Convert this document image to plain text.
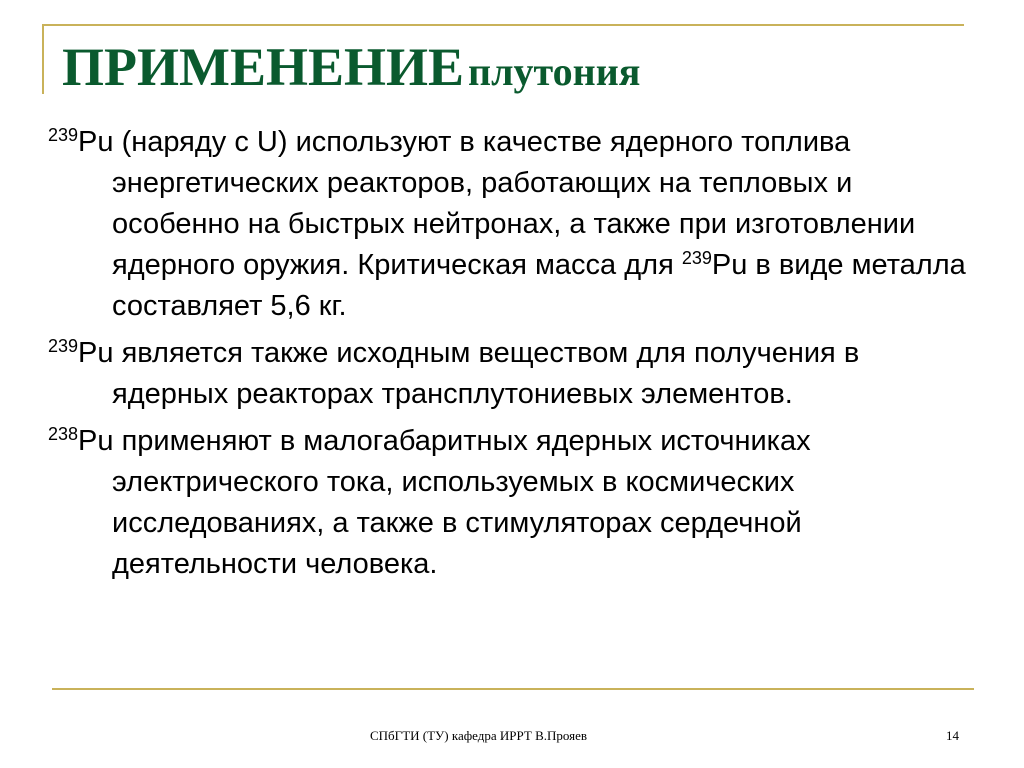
ПРИМЕНЕНИЕ плутония

$^{239}$Pu (наряду с U) используют в качестве ядерного топлива энергетических реакторов, работающих на тепловых и особенно на быстрых нейтронах, а также при изготовлении ядерного оружия. Критическая масса для $^{239}$Pu в виде металла составляет 5,6 кг.

$^{239}$Pu является также исходным веществом для получения в ядерных реакторах трансплутониевых элементов.

$^{238}$Pu применяют в малогабаритных ядерных источниках электрического тока, используемых в космических исследованиях, а также в стимуляторах сердечной деятельности человека.

СПбГТИ (ТУ) кафедра ИРРТ В.Прояев	14
